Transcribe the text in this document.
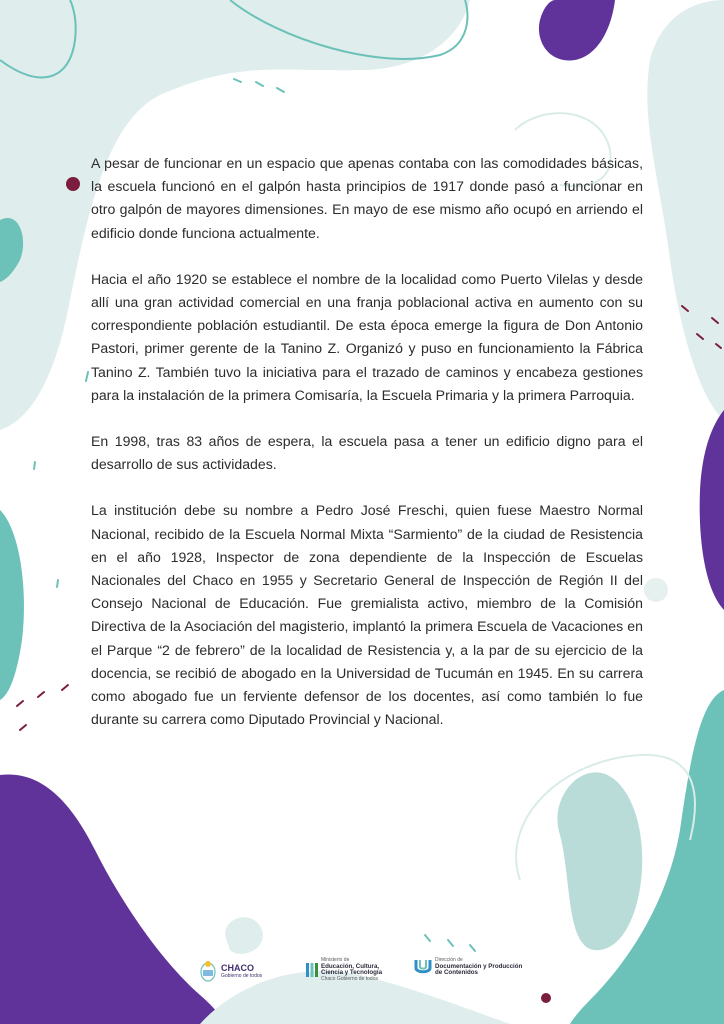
A pesar de funcionar en un espacio que apenas contaba con las comodidades básicas, la escuela funcionó en el galpón hasta principios de 1917 donde pasó a funcionar en otro galpón de mayores dimensiones. En mayo de ese mismo año ocupó en arriendo el edificio donde funciona actualmente.

Hacia el año 1920 se establece el nombre de la localidad como Puerto Vilelas y desde allí una gran actividad comercial en una franja poblacional activa en aumento con su correspondiente población estudiantil. De esta época emerge la figura de Don Antonio Pastori, primer gerente de la Tanino Z. Organizó y puso en funcionamiento la Fábrica Tanino Z. También tuvo la iniciativa para el trazado de caminos y encabeza gestiones para la instalación de la primera Comisaría, la Escuela Primaria y la primera Parroquia.

En 1998, tras 83 años de espera, la escuela pasa a tener un edificio digno para el desarrollo de sus actividades.

La institución debe su nombre a Pedro José Freschi, quien fuese Maestro Normal Nacional, recibido de la Escuela Normal Mixta “Sarmiento” de la ciudad de Resistencia en el año 1928, Inspector de zona dependiente de la Inspección de Escuelas Nacionales del Chaco en 1955 y Secretario General de Inspección de Región II del Consejo Nacional de Educación. Fue gremialista activo, miembro de la Comisión Directiva de la Asociación del magisterio, implantó la primera Escuela de Vacaciones en el Parque “2 de febrero” de la localidad de Resistencia y, a la par de su ejercicio de la docencia, se recibió de abogado en la Universidad de Tucumán en 1945. En su carrera como abogado fue un ferviente defensor de los docentes, así como también lo fue durante su carrera como Diputado Provincial y Nacional.

CHACO
Gobierno de todos
Ministerio de
Educación, Cultura,
Ciencia y Tecnología
Chaco Gobierno de todos
Dirección de
Documentación y Producción
de Contenidos
